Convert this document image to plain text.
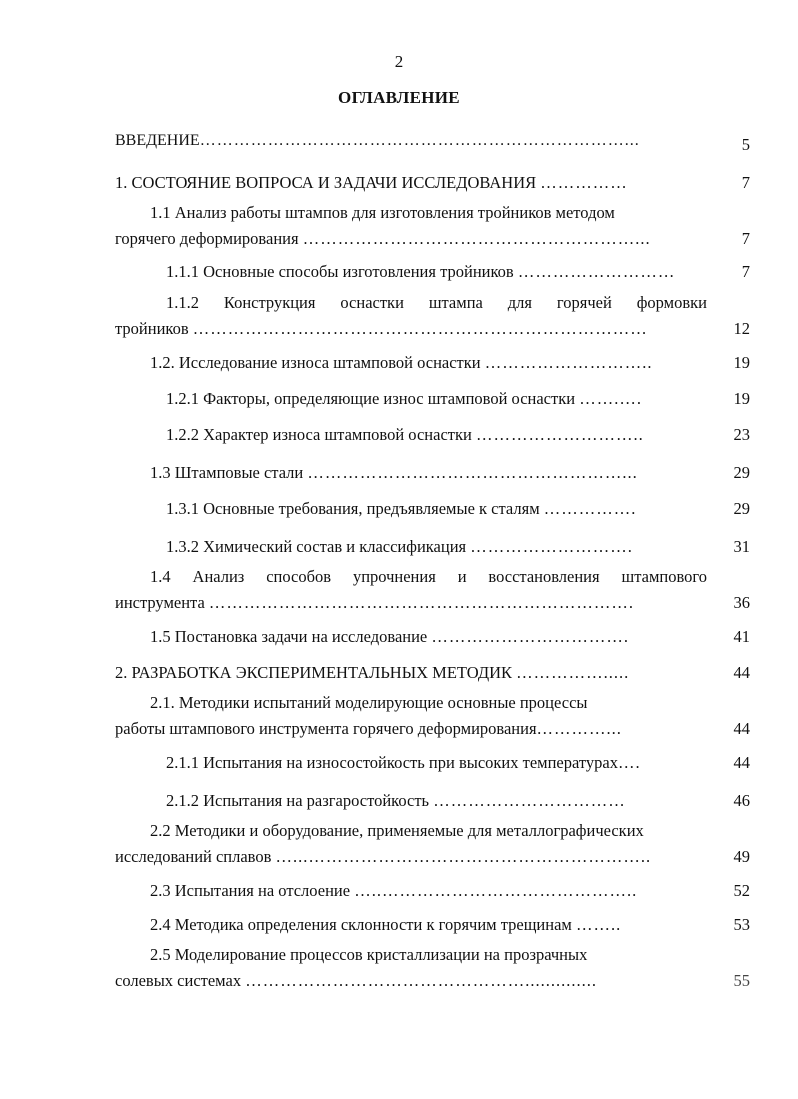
2
ОГЛАВЛЕНИЕ
ВВЕДЕНИЕ…………………………………………………………………...	5
1. СОСТОЯНИЕ ВОПРОСА И ЗАДАЧИ ИССЛЕДОВАНИЯ ……………	7
1.1 Анализ работы штампов для изготовления тройников методом
горячего деформирования …………………………………………………...	7
1.1.1 Основные способы изготовления тройников ………………………	7
1.1.2 Конструкция оснастки штампа для горячей формовки
тройников ……………………………………………………………………	12
1.2. Исследование износа штамповой оснастки ………………………..	19
1.2.1 Факторы, определяющие износ штамповой оснастки …….….	19
1.2.2 Характер износа штамповой оснастки ………………………..	23
1.3 Штамповые стали ………………………………………………...	29
1.3.1 Основные требования, предъявляемые к сталям …………….	29
1.3.2 Химический состав и классификация ……………………….	31
1.4 Анализ способов упрочнения и восстановления штампового
инструмента ……………………………………………………………….	36
1.5 Постановка задачи на исследование …………………………….	41
2. РАЗРАБОТКА ЭКСПЕРИМЕНТАЛЬНЫХ МЕТОДИК …………….....	44
2.1. Методики испытаний моделирующие основные процессы
работы штампового инструмента горячего деформирования…………...	44
2.1.1 Испытания на износостойкость при высоких температурах….	44
2.1.2 Испытания на разгаростойкость ……………………………	46
2.2 Методики и оборудование, применяемые для металлографических
исследований сплавов …...…………………………………………………..	49
2.3 Испытания на отслоение …..……………………………………..	52
2.4 Методика определения склонности к горячим трещинам ……..	53
2.5 Моделирование процессов кристаллизации на прозрачных
солевых системах …………………………………………..............	55
